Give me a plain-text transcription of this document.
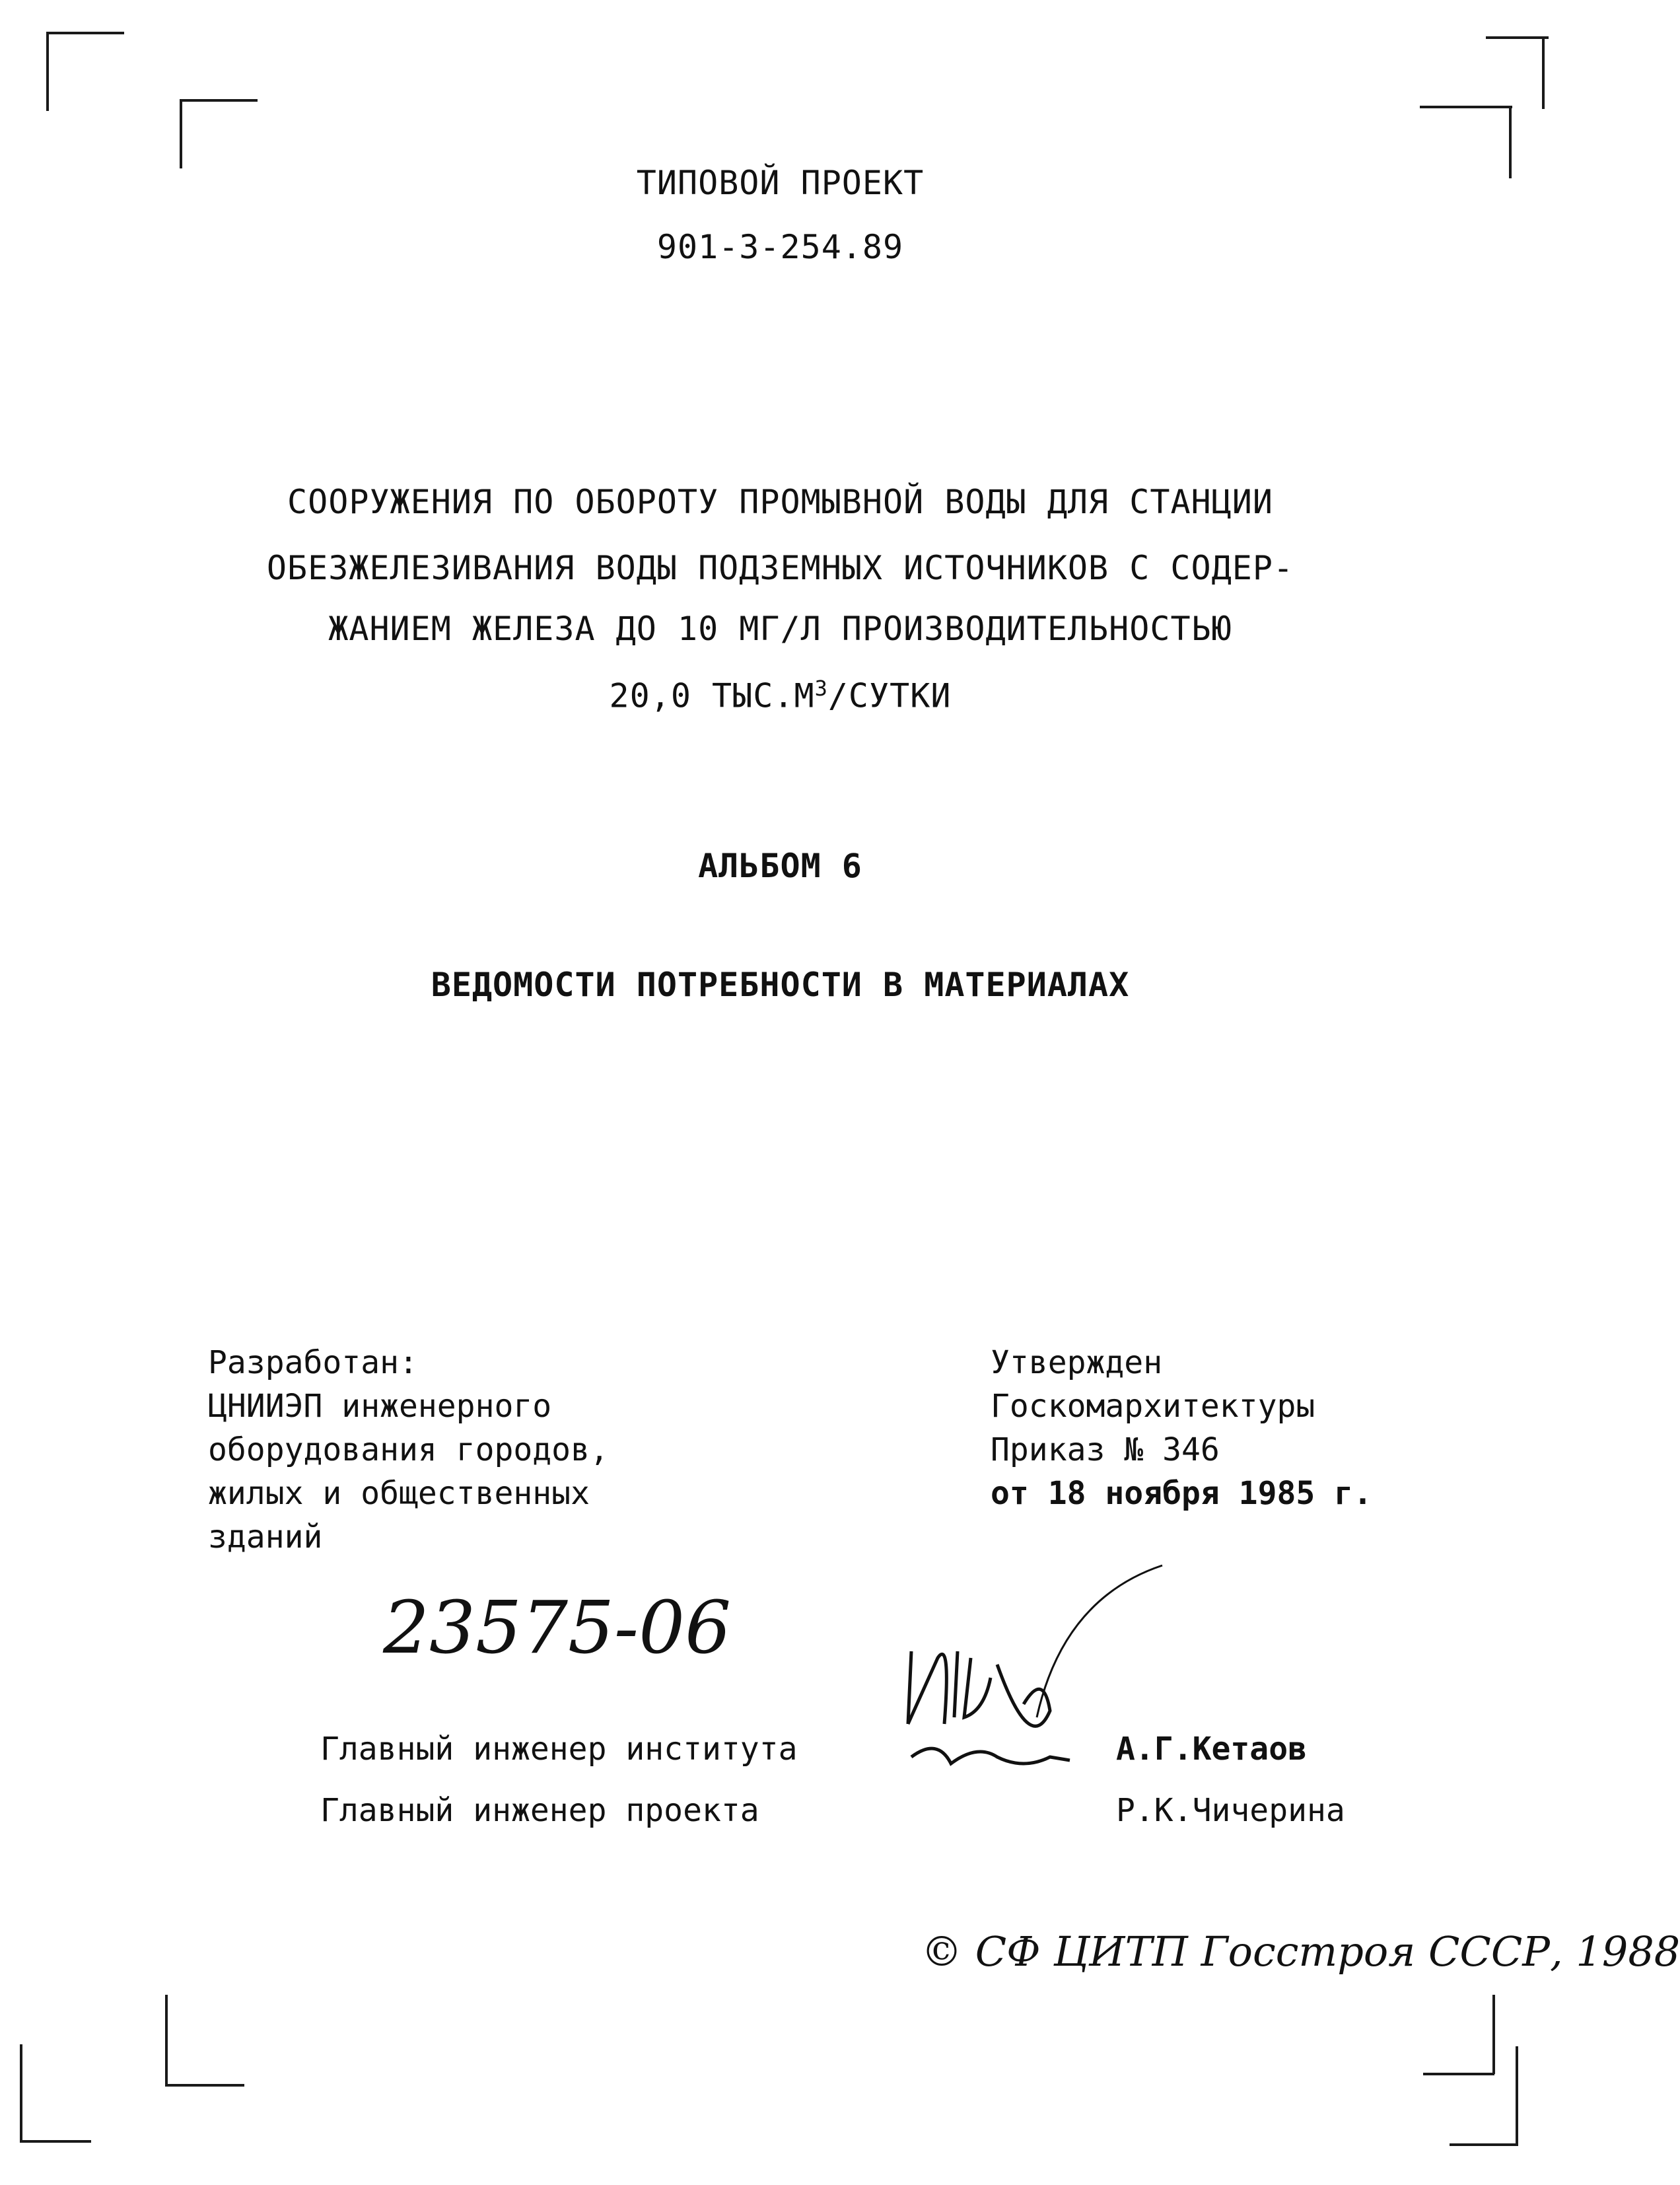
ТИПОВОЙ ПРОЕКТ
901-3-254.89
СООРУЖЕНИЯ ПО ОБОРОТУ ПРОМЫВНОЙ ВОДЫ ДЛЯ СТАНЦИИ
ОБЕЗЖЕЛЕЗИВАНИЯ ВОДЫ ПОДЗЕМНЫХ ИСТОЧНИКОВ С СОДЕР-
ЖАНИЕМ ЖЕЛЕЗА ДО 10 МГ/Л ПРОИЗВОДИТЕЛЬНОСТЬЮ
20,0 $ТЫС.М^3$/СУТКИ
АЛЬБОМ 6
ВЕДОМОСТИ ПОТРЕБНОСТИ В МАТЕРИАЛАХ
Разработан:
ЦНИИЭП инженерного
оборудования городов,
жилых и общественных
зданий
Утвержден
Госкомархитектуры
Приказ № 346
от 18 ноября 1985 г.
23575-06
Главный инженер института	А.Г.Кетаов
Главный инженер проекта	Р.К.Чичерина
© СФ ЦИТП Госстроя СССР, 1988
